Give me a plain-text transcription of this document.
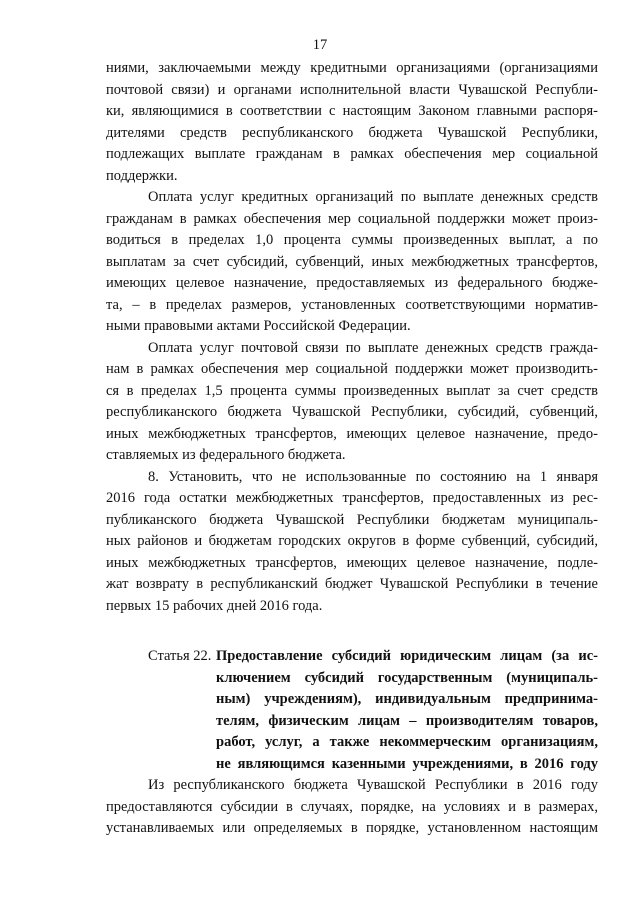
17

ниями, заключаемыми между кредитными организациями (организациями
почтовой связи) и органами исполнительной власти Чувашской Республи-
ки, являющимися в соответствии с настоящим Законом главными распоря-
дителями средств республиканского бюджета Чувашской Республики,
подлежащих выплате гражданам в рамках обеспечения мер социальной
поддержки.

Оплата услуг кредитных организаций по выплате денежных средств
гражданам в рамках обеспечения мер социальной поддержки может произ-
водиться в пределах 1,0 процента суммы произведенных выплат, а по
выплатам за счет субсидий, субвенций, иных межбюджетных трансфертов,
имеющих целевое назначение, предоставляемых из федерального бюдже-
та, – в пределах размеров, установленных соответствующими норматив-
ными правовыми актами Российской Федерации.

Оплата услуг почтовой связи по выплате денежных средств гражда-
нам в рамках обеспечения мер социальной поддержки может производить-
ся в пределах 1,5 процента суммы произведенных выплат за счет средств
республиканского бюджета Чувашской Республики, субсидий, субвенций,
иных межбюджетных трансфертов, имеющих целевое назначение, предо-
ставляемых из федерального бюджета.

8. Установить, что не использованные по состоянию на 1 января
2016 года остатки межбюджетных трансфертов, предоставленных из рес-
публиканского бюджета Чувашской Республики бюджетам муниципаль-
ных районов и бюджетам городских округов в форме субвенций, субсидий,
иных межбюджетных трансфертов, имеющих целевое назначение, подле-
жат возврату в республиканский бюджет Чувашской Республики в течение
первых 15 рабочих дней 2016 года.

Статья 22. Предоставление субсидий юридическим лицам (за ис-
ключением субсидий государственным (муниципаль-
ным) учреждениям), индивидуальным предпринима-
телям, физическим лицам – производителям товаров,
работ, услуг, а также некоммерческим организациям,
не являющимся казенными учреждениями, в 2016 году

Из республиканского бюджета Чувашской Республики в 2016 году
предоставляются субсидии в случаях, порядке, на условиях и в размерах,
устанавливаемых или определяемых в порядке, установленном настоящим
